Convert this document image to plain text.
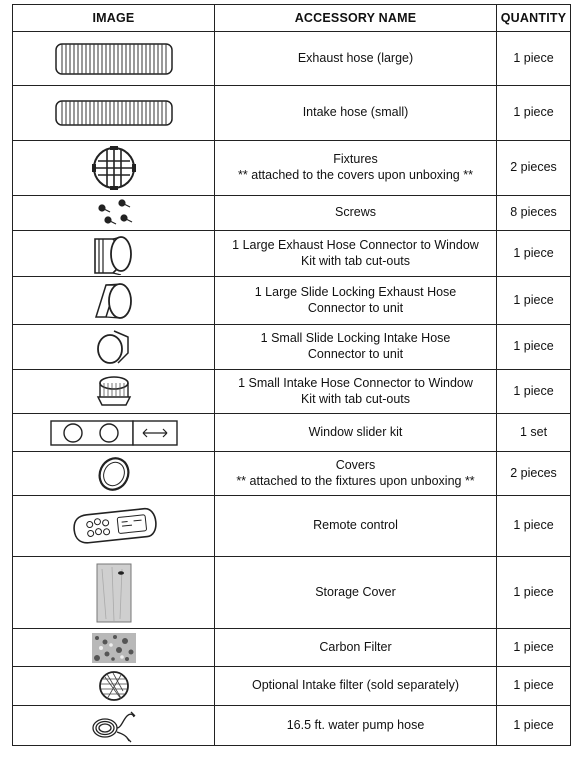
IMAGE	ACCESSORY NAME	QUANTITY

Exhaust hose (large)	1 piece

Intake hose (small)	1 piece

Fixtures
** attached to the covers upon unboxing **	2 pieces

Screws	8 pieces

1 Large Exhaust Hose Connector to Window
Kit with tab cut-outs	1 piece

1 Large Slide Locking Exhaust Hose
Connector to unit	1 piece

1 Small Slide Locking Intake Hose
Connector to unit	1 piece

1 Small Intake Hose Connector to Window
Kit with tab cut-outs	1 piece

Window slider kit	1 set

Covers
** attached to the fixtures upon unboxing **	2 pieces

Remote control	1 piece

Storage Cover	1 piece

Carbon Filter	1 piece

Optional Intake filter (sold separately)	1 piece

16.5 ft. water pump hose	1 piece
